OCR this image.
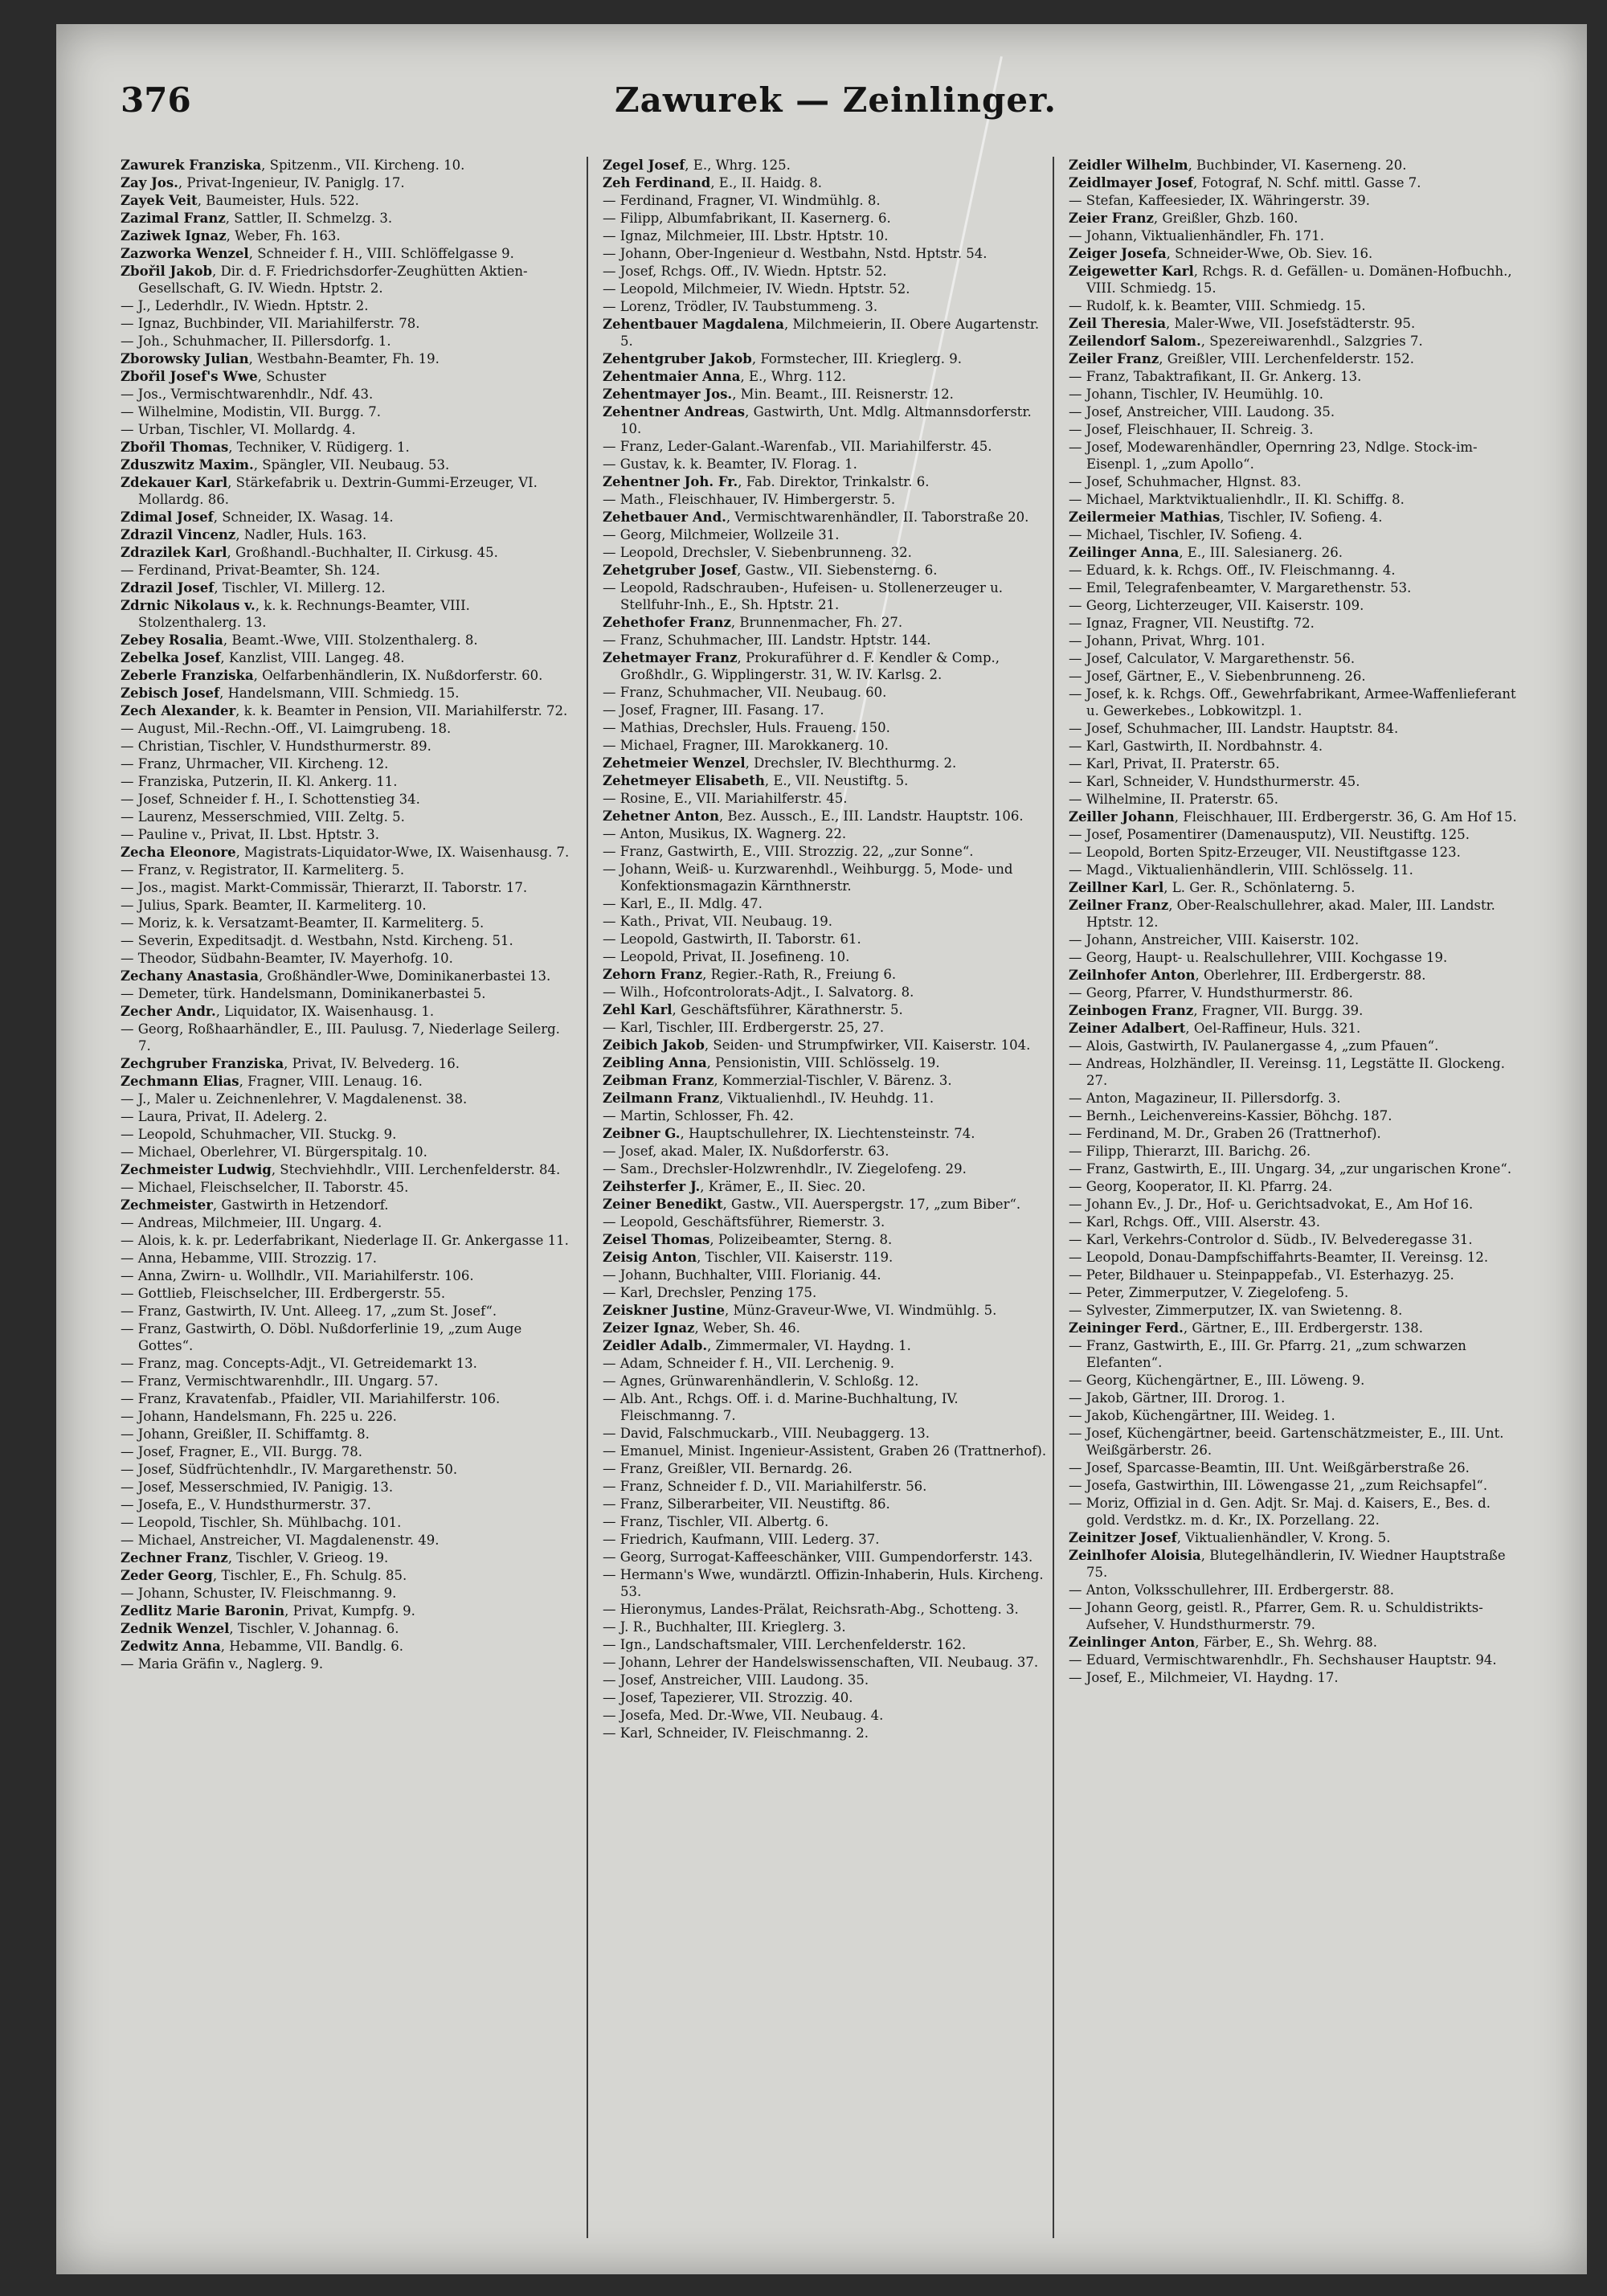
376	Zawurek — Zeinlinger.
Zawurek Franziska, Spitzenm., VII. Kircheng. 10.
Zay Jos., Privat-Ingenieur, IV. Paniglg. 17.
Zayek Veit, Baumeister, Huls. 522.
Zazimal Franz, Sattler, II. Schmelzg. 3.
Zaziwek Ignaz, Weber, Fh. 163.
Zazworka Wenzel, Schneider f. H., VIII. Schlöffelgasse 9.
Zbořil Jakob, Dir. d. F. Friedrichsdorfer-Zeughütten Aktien-Gesellschaft, G. IV. Wiedn. Hptstr. 2.
— J., Lederhdlr., IV. Wiedn. Hptstr. 2.
— Ignaz, Buchbinder, VII. Mariahilferstr. 78.
— Joh., Schuhmacher, II. Pillersdorfg. 1.
Zborowsky Julian, Westbahn-Beamter, Fh. 19.
Zbořil Josef's Wwe, Schuster
— Jos., Vermischtwarenhdlr., Ndf. 43.
— Wilhelmine, Modistin, VII. Burgg. 7.
— Urban, Tischler, VI. Mollardg. 4.
Zbořil Thomas, Techniker, V. Rüdigerg. 1.
Zduszwitz Maxim., Spängler, VII. Neubaug. 53.
Zdekauer Karl, Stärkefabrik u. Dextrin-Gummi-Erzeuger, VI. Mollardg. 86.
Zdimal Josef, Schneider, IX. Wasag. 14.
Zdrazil Vincenz, Nadler, Huls. 163.
Zdrazilek Karl, Großhandl.-Buchhalter, II. Cirkusg. 45.
— Ferdinand, Privat-Beamter, Sh. 124.
Zdrazil Josef, Tischler, VI. Millerg. 12.
Zdrnic Nikolaus v., k. k. Rechnungs-Beamter, VIII. Stolzenthalerg. 13.
Zebey Rosalia, Beamt.-Wwe, VIII. Stolzenthalerg. 8.
Zebelka Josef, Kanzlist, VIII. Langeg. 48.
Zeberle Franziska, Oelfarbenhändlerin, IX. Nußdorferstr. 60.
Zebisch Josef, Handelsmann, VIII. Schmiedg. 15.
Zech Alexander, k. k. Beamter in Pension, VII. Mariahilferstr. 72.
— August, Mil.-Rechn.-Off., VI. Laimgrubeng. 18.
— Christian, Tischler, V. Hundsthurmerstr. 89.
— Franz, Uhrmacher, VII. Kircheng. 12.
— Franziska, Putzerin, II. Kl. Ankerg. 11.
— Josef, Schneider f. H., I. Schottenstieg 34.
— Laurenz, Messerschmied, VIII. Zeltg. 5.
— Pauline v., Privat, II. Lbst. Hptstr. 3.
Zecha Eleonore, Magistrats-Liquidator-Wwe, IX. Waisenhausg. 7.
— Franz, v. Registrator, II. Karmeliterg. 5.
— Jos., magist. Markt-Commissär, Thierarzt, II. Taborstr. 17.
— Julius, Spark. Beamter, II. Karmeliterg. 10.
— Moriz, k. k. Versatzamt-Beamter, II. Karmeliterg. 5.
— Severin, Expeditsadjt. d. Westbahn, Nstd. Kircheng. 51.
— Theodor, Südbahn-Beamter, IV. Mayerhofg. 10.
Zechany Anastasia, Großhändler-Wwe, Dominikanerbastei 13.
— Demeter, türk. Handelsmann, Dominikanerbastei 5.
Zecher Andr., Liquidator, IX. Waisenhausg. 1.
— Georg, Roßhaarhändler, E., III. Paulusg. 7, Niederlage Seilerg. 7.
Zechgruber Franziska, Privat, IV. Belvederg. 16.
Zechmann Elias, Fragner, VIII. Lenaug. 16.
— J., Maler u. Zeichnenlehrer, V. Magdalenenst. 38.
— Laura, Privat, II. Adelerg. 2.
— Leopold, Schuhmacher, VII. Stuckg. 9.
— Michael, Oberlehrer, VI. Bürgerspitalg. 10.
Zechmeister Ludwig, Stechviehhdlr., VIII. Lerchenfelderstr. 84.
— Michael, Fleischselcher, II. Taborstr. 45.
Zechmeister, Gastwirth in Hetzendorf.
— Andreas, Milchmeier, III. Ungarg. 4.
— Alois, k. k. pr. Lederfabrikant, Niederlage II. Gr. Ankergasse 11.
— Anna, Hebamme, VIII. Strozzig. 17.
— Anna, Zwirn- u. Wollhdlr., VII. Mariahilferstr. 106.
— Gottlieb, Fleischselcher, III. Erdbergerstr. 55.
— Franz, Gastwirth, IV. Unt. Alleeg. 17, „zum St. Josef“.
— Franz, Gastwirth, O. Döbl. Nußdorferlinie 19, „zum Auge Gottes“.
— Franz, mag. Concepts-Adjt., VI. Getreidemarkt 13.
— Franz, Vermischtwarenhdlr., III. Ungarg. 57.
— Franz, Kravatenfab., Pfaidler, VII. Mariahilferstr. 106.
— Johann, Handelsmann, Fh. 225 u. 226.
— Johann, Greißler, II. Schiffamtg. 8.
— Josef, Fragner, E., VII. Burgg. 78.
— Josef, Südfrüchtenhdlr., IV. Margarethenstr. 50.
— Josef, Messerschmied, IV. Panigig. 13.
— Josefa, E., V. Hundsthurmerstr. 37.
— Leopold, Tischler, Sh. Mühlbachg. 101.
— Michael, Anstreicher, VI. Magdalenenstr. 49.
Zechner Franz, Tischler, V. Grieog. 19.
Zeder Georg, Tischler, E., Fh. Schulg. 85.
— Johann, Schuster, IV. Fleischmanng. 9.
Zedlitz Marie Baronin, Privat, Kumpfg. 9.
Zednik Wenzel, Tischler, V. Johannag. 6.
Zedwitz Anna, Hebamme, VII. Bandlg. 6.
— Maria Gräfin v., Naglerg. 9.
Zegel Josef, E., Whrg. 125.
Zeh Ferdinand, E., II. Haidg. 8.
— Ferdinand, Fragner, VI. Windmühlg. 8.
— Filipp, Albumfabrikant, II. Kasernerg. 6.
— Ignaz, Milchmeier, III. Lbstr. Hptstr. 10.
— Johann, Ober-Ingenieur d. Westbahn, Nstd. Hptstr. 54.
— Josef, Rchgs. Off., IV. Wiedn. Hptstr. 52.
— Leopold, Milchmeier, IV. Wiedn. Hptstr. 52.
— Lorenz, Trödler, IV. Taubstummeng. 3.
Zehentbauer Magdalena, Milchmeierin, II. Obere Augartenstr. 5.
Zehentgruber Jakob, Formstecher, III. Krieglerg. 9.
Zehentmaier Anna, E., Whrg. 112.
Zehentmayer Jos., Min. Beamt., III. Reisnerstr. 12.
Zehentner Andreas, Gastwirth, Unt. Mdlg. Altmannsdorferstr. 10.
— Franz, Leder-Galant.-Warenfab., VII. Mariahilferstr. 45.
— Gustav, k. k. Beamter, IV. Florag. 1.
Zehentner Joh. Fr., Fab. Direktor, Trinkalstr. 6.
— Math., Fleischhauer, IV. Himbergerstr. 5.
Zehetbauer And., Vermischtwarenhändler, II. Taborstraße 20.
— Georg, Milchmeier, Wollzeile 31.
— Leopold, Drechsler, V. Siebenbrunneng. 32.
Zehetgruber Josef, Gastw., VII. Siebensterng. 6.
— Leopold, Radschrauben-, Hufeisen- u. Stollenerzeuger u. Stellfuhr-Inh., E., Sh. Hptstr. 21.
Zehethofer Franz, Brunnenmacher, Fh. 27.
— Franz, Schuhmacher, III. Landstr. Hptstr. 144.
Zehetmayer Franz, Prokuraführer d. F. Kendler & Comp., Großhdlr., G. Wipplingerstr. 31, W. IV. Karlsg. 2.
— Franz, Schuhmacher, VII. Neubaug. 60.
— Josef, Fragner, III. Fasang. 17.
— Mathias, Drechsler, Huls. Fraueng. 150.
— Michael, Fragner, III. Marokkanerg. 10.
Zehetmeier Wenzel, Drechsler, IV. Blechthurmg. 2.
Zehetmeyer Elisabeth, E., VII. Neustiftg. 5.
— Rosine, E., VII. Mariahilferstr. 45.
Zehetner Anton, Bez. Aussch., E., III. Landstr. Hauptstr. 106.
— Anton, Musikus, IX. Wagnerg. 22.
— Franz, Gastwirth, E., VIII. Strozzig. 22, „zur Sonne“.
— Johann, Weiß- u. Kurzwarenhdl., Weihburgg. 5, Mode- und Konfektionsmagazin Kärnthnerstr.
— Karl, E., II. Mdlg. 47.
— Kath., Privat, VII. Neubaug. 19.
— Leopold, Gastwirth, II. Taborstr. 61.
— Leopold, Privat, II. Josefineng. 10.
Zehorn Franz, Regier.-Rath, R., Freiung 6.
— Wilh., Hofcontrolorats-Adjt., I. Salvatorg. 8.
Zehl Karl, Geschäftsführer, Kärathnerstr. 5.
— Karl, Tischler, III. Erdbergerstr. 25, 27.
Zeibich Jakob, Seiden- und Strumpfwirker, VII. Kaiserstr. 104.
Zeibling Anna, Pensionistin, VIII. Schlösselg. 19.
Zeibman Franz, Kommerzial-Tischler, V. Bärenz. 3.
Zeilmann Franz, Viktualienhdl., IV. Heuhdg. 11.
— Martin, Schlosser, Fh. 42.
Zeibner G., Hauptschullehrer, IX. Liechtensteinstr. 74.
— Josef, akad. Maler, IX. Nußdorferstr. 63.
— Sam., Drechsler-Holzwrenhdlr., IV. Ziegelofeng. 29.
Zeihsterfer J., Krämer, E., II. Siec. 20.
Zeiner Benedikt, Gastw., VII. Auerspergstr. 17, „zum Biber“.
— Leopold, Geschäftsführer, Riemerstr. 3.
Zeisel Thomas, Polizeibeamter, Sterng. 8.
Zeisig Anton, Tischler, VII. Kaiserstr. 119.
— Johann, Buchhalter, VIII. Florianig. 44.
— Karl, Drechsler, Penzing 175.
Zeiskner Justine, Münz-Graveur-Wwe, VI. Windmühlg. 5.
Zeizer Ignaz, Weber, Sh. 46.
Zeidler Adalb., Zimmermaler, VI. Haydng. 1.
— Adam, Schneider f. H., VII. Lerchenig. 9.
— Agnes, Grünwarenhändlerin, V. Schloßg. 12.
— Alb. Ant., Rchgs. Off. i. d. Marine-Buchhaltung, IV. Fleischmanng. 7.
— David, Falschmuckarb., VIII. Neubaggerg. 13.
— Emanuel, Minist. Ingenieur-Assistent, Graben 26 (Trattnerhof).
— Franz, Greißler, VII. Bernardg. 26.
— Franz, Schneider f. D., VII. Mariahilferstr. 56.
— Franz, Silberarbeiter, VII. Neustiftg. 86.
— Franz, Tischler, VII. Albertg. 6.
— Friedrich, Kaufmann, VIII. Lederg. 37.
— Georg, Surrogat-Kaffeeschänker, VIII. Gumpendorferstr. 143.
— Hermann's Wwe, wundärztl. Offizin-Inhaberin, Huls. Kircheng. 53.
— Hieronymus, Landes-Prälat, Reichsrath-Abg., Schotteng. 3.
— J. R., Buchhalter, III. Krieglerg. 3.
— Ign., Landschaftsmaler, VIII. Lerchenfelderstr. 162.
— Johann, Lehrer der Handelswissenschaften, VII. Neubaug. 37.
— Josef, Anstreicher, VIII. Laudong. 35.
— Josef, Tapezierer, VII. Strozzig. 40.
— Josefa, Med. Dr.-Wwe, VII. Neubaug. 4.
— Karl, Schneider, IV. Fleischmanng. 2.
Zeidler Wilhelm, Buchbinder, VI. Kaserneng. 20.
Zeidlmayer Josef, Fotograf, N. Schf. mittl. Gasse 7.
— Stefan, Kaffeesieder, IX. Währingerstr. 39.
Zeier Franz, Greißler, Ghzb. 160.
— Johann, Viktualienhändler, Fh. 171.
Zeiger Josefa, Schneider-Wwe, Ob. Siev. 16.
Zeigewetter Karl, Rchgs. R. d. Gefällen- u. Domänen-Hofbuchh., VIII. Schmiedg. 15.
— Rudolf, k. k. Beamter, VIII. Schmiedg. 15.
Zeil Theresia, Maler-Wwe, VII. Josefstädterstr. 95.
Zeilendorf Salom., Spezereiwarenhdl., Salzgries 7.
Zeiler Franz, Greißler, VIII. Lerchenfelderstr. 152.
— Franz, Tabaktrafikant, II. Gr. Ankerg. 13.
— Johann, Tischler, IV. Heumühlg. 10.
— Josef, Anstreicher, VIII. Laudong. 35.
— Josef, Fleischhauer, II. Schreig. 3.
— Josef, Modewarenhändler, Opernring 23, Ndlge. Stock-im-Eisenpl. 1, „zum Apollo“.
— Josef, Schuhmacher, Hlgnst. 83.
— Michael, Marktviktualienhdlr., II. Kl. Schiffg. 8.
Zeilermeier Mathias, Tischler, IV. Sofieng. 4.
— Michael, Tischler, IV. Sofieng. 4.
Zeilinger Anna, E., III. Salesianerg. 26.
— Eduard, k. k. Rchgs. Off., IV. Fleischmanng. 4.
— Emil, Telegrafenbeamter, V. Margarethenstr. 53.
— Georg, Lichterzeuger, VII. Kaiserstr. 109.
— Ignaz, Fragner, VII. Neustiftg. 72.
— Johann, Privat, Whrg. 101.
— Josef, Calculator, V. Margarethenstr. 56.
— Josef, Gärtner, E., V. Siebenbrunneng. 26.
— Josef, k. k. Rchgs. Off., Gewehrfabrikant, Armee-Waffenlieferant u. Gewerkebes., Lobkowitzpl. 1.
— Josef, Schuhmacher, III. Landstr. Hauptstr. 84.
— Karl, Gastwirth, II. Nordbahnstr. 4.
— Karl, Privat, II. Praterstr. 65.
— Karl, Schneider, V. Hundsthurmerstr. 45.
— Wilhelmine, II. Praterstr. 65.
Zeiller Johann, Fleischhauer, III. Erdbergerstr. 36, G. Am Hof 15.
— Josef, Posamentirer (Damenausputz), VII. Neustiftg. 125.
— Leopold, Borten Spitz-Erzeuger, VII. Neustiftgasse 123.
— Magd., Viktualienhändlerin, VIII. Schlösselg. 11.
Zeillner Karl, L. Ger. R., Schönlaterng. 5.
Zeilner Franz, Ober-Realschullehrer, akad. Maler, III. Landstr. Hptstr. 12.
— Johann, Anstreicher, VIII. Kaiserstr. 102.
— Georg, Haupt- u. Realschullehrer, VIII. Kochgasse 19.
Zeilnhofer Anton, Oberlehrer, III. Erdbergerstr. 88.
— Georg, Pfarrer, V. Hundsthurmerstr. 86.
Zeinbogen Franz, Fragner, VII. Burgg. 39.
Zeiner Adalbert, Oel-Raffineur, Huls. 321.
— Alois, Gastwirth, IV. Paulanergasse 4, „zum Pfauen“.
— Andreas, Holzhändler, II. Vereinsg. 11, Legstätte II. Glockeng. 27.
— Anton, Magazineur, II. Pillersdorfg. 3.
— Bernh., Leichenvereins-Kassier, Böhchg. 187.
— Ferdinand, M. Dr., Graben 26 (Trattnerhof).
— Filipp, Thierarzt, III. Barichg. 26.
— Franz, Gastwirth, E., III. Ungarg. 34, „zur ungarischen Krone“.
— Georg, Kooperator, II. Kl. Pfarrg. 24.
— Johann Ev., J. Dr., Hof- u. Gerichtsadvokat, E., Am Hof 16.
— Karl, Rchgs. Off., VIII. Alserstr. 43.
— Karl, Verkehrs-Controlor d. Südb., IV. Belvederegasse 31.
— Leopold, Donau-Dampfschiffahrts-Beamter, II. Vereinsg. 12.
— Peter, Bildhauer u. Steinpappefab., VI. Esterhazyg. 25.
— Peter, Zimmerputzer, V. Ziegelofeng. 5.
— Sylvester, Zimmerputzer, IX. van Swietenng. 8.
Zeininger Ferd., Gärtner, E., III. Erdbergerstr. 138.
— Franz, Gastwirth, E., III. Gr. Pfarrg. 21, „zum schwarzen Elefanten“.
— Georg, Küchengärtner, E., III. Löweng. 9.
— Jakob, Gärtner, III. Drorog. 1.
— Jakob, Küchengärtner, III. Weideg. 1.
— Josef, Küchengärtner, beeid. Gartenschätzmeister, E., III. Unt. Weißgärberstr. 26.
— Josef, Sparcasse-Beamtin, III. Unt. Weißgärberstraße 26.
— Josefa, Gastwirthin, III. Löwengasse 21, „zum Reichsapfel“.
— Moriz, Offizial in d. Gen. Adjt. Sr. Maj. d. Kaisers, E., Bes. d. gold. Verdstkz. m. d. Kr., IX. Porzellang. 22.
Zeinitzer Josef, Viktualienhändler, V. Krong. 5.
Zeinlhofer Aloisia, Blutegelhändlerin, IV. Wiedner Hauptstraße 75.
— Anton, Volksschullehrer, III. Erdbergerstr. 88.
— Johann Georg, geistl. R., Pfarrer, Gem. R. u. Schuldistrikts-Aufseher, V. Hundsthurmerstr. 79.
Zeinlinger Anton, Färber, E., Sh. Wehrg. 88.
— Eduard, Vermischtwarenhdlr., Fh. Sechshauser Hauptstr. 94.
— Josef, E., Milchmeier, VI. Haydng. 17.
